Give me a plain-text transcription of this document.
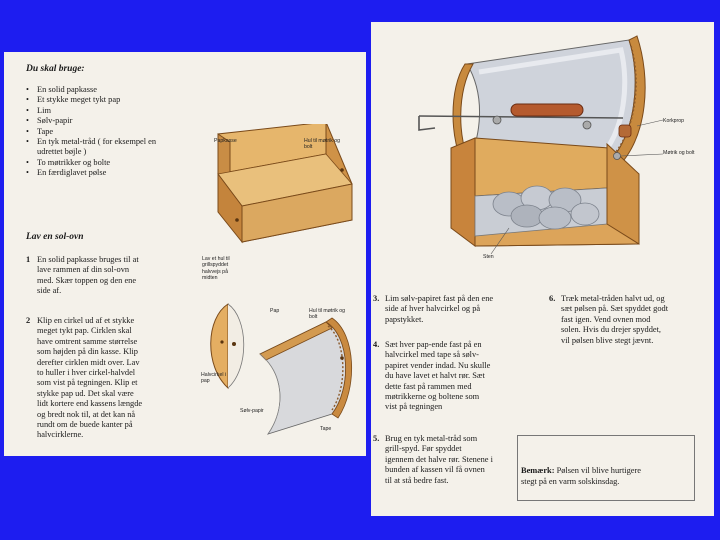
Du skal bruge:
• En solid papkasse
• Et stykke meget tykt pap
• Lim
• Sølv-papir
• Tape
• En tyk metal-tråd ( for eksempel en
udrettet bøjle )
• To møtrikker og bolte
• En færdiglavet pølse
Lav en sol-ovn
1 En solid papkasse bruges til at
lave rammen af din sol-ovn
med. Skær toppen og den ene
side af.
2 Klip en cirkel ud af et stykke
meget tykt pap. Cirklen skal
have omtrent samme størrelse
som højden på din kasse. Klip
derefter cirklen midt over. Lav
to huller i hver cirkel-halvdel
som vist på tegningen. Klip et
stykke pap ud. Det skal være
lidt kortere end kassens længde
og bredt nok til, at det kan nå
rundt om de buede kanter på
halvcirklerne.
Papkasse	Hul til møtrik og
bolt
Lav et hul til
grillspyddet
halvvejs på
midten
Pap	Hul til møtrik og
bolt
Halvcirkel i
pap
Sølv-papir
Tape
Korkprop
Møtrik og bolt
Sten
3. Lim sølv-papiret fast på den ene
side af hver halvcirkel og på
papstykket.
4. Sæt hver pap-ende fast på en
halvcirkel med tape så sølv-
papiret vender indad. Nu skulle
du have lavet et halvt rør. Sæt
dette fast på rammen med
møtrikkerne og boltene som
vist på tegningen
5. Brug en tyk metal-tråd som
grill-spyd. Før spyddet
igennem det halve rør. Stenene i
bunden af kassen vil få ovnen
til at stå bedre fast.
6. Træk metal-tråden halvt ud, og
sæt pølsen på. Sæt spyddet godt
fast igen. Vend ovnen mod
solen. Hvis du drejer spyddet,
vil pølsen blive stegt jævnt.
Bemærk: Pølsen vil blive hurtigere
stegt på en varm solskinsdag.
